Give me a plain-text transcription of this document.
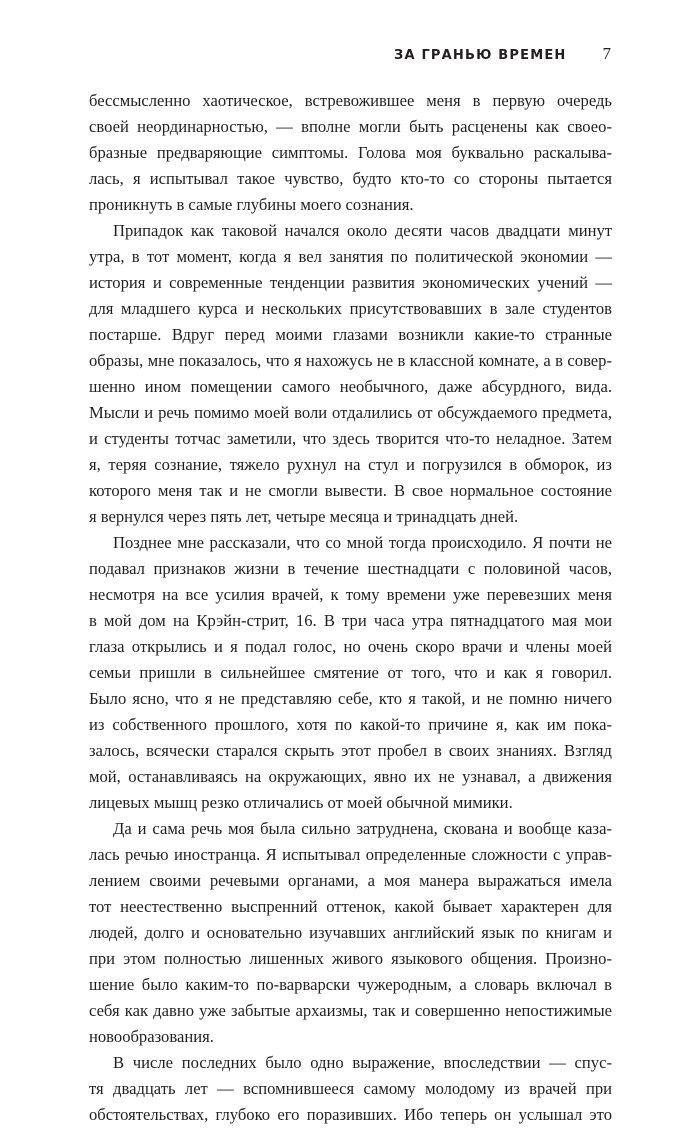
ЗА ГРАНЬЮ ВРЕМЕН 7

бессмысленно хаотическое, встревожившее меня в первую очередь

своей неординарностью, — вполне могли быть расценены как своео-

бразные предваряющие симптомы. Голова моя буквально раскалыва-

лась, я испытывал такое чувство, будто кто-то со стороны пытается

проникнуть в самые глубины моего сознания.

Припадок как таковой начался около десяти часов двадцати минут

утра, в тот момент, когда я вел занятия по политической экономии —

история и современные тенденции развития экономических учений —

для младшего курса и нескольких присутствовавших в зале студентов

постарше. Вдруг перед моими глазами возникли какие-то странные

образы, мне показалось, что я нахожусь не в классной комнате, а в совер-

шенно ином помещении самого необычного, даже абсурдного, вида.

Мысли и речь помимо моей воли отдалились от обсуждаемого предмета,

и студенты тотчас заметили, что здесь творится что-то неладное. Затем

я, теряя сознание, тяжело рухнул на стул и погрузился в обморок, из

которого меня так и не смогли вывести. В свое нормальное состояние

я вернулся через пять лет, четыре месяца и тринадцать дней.

Позднее мне рассказали, что со мной тогда происходило. Я почти не

подавал признаков жизни в течение шестнадцати с половиной часов,

несмотря на все усилия врачей, к тому времени уже перевезших меня

в мой дом на Крэйн-стрит, 16. В три часа утра пятнадцатого мая мои

глаза открылись и я подал голос, но очень скоро врачи и члены моей

семьи пришли в сильнейшее смятение от того, что и как я говорил.

Было ясно, что я не представляю себе, кто я такой, и не помню ничего

из собственного прошлого, хотя по какой-то причине я, как им пока-

залось, всячески старался скрыть этот пробел в своих знаниях. Взгляд

мой, останавливаясь на окружающих, явно их не узнавал, а движения

лицевых мышц резко отличались от моей обычной мимики.

Да и сама речь моя была сильно затруднена, скована и вообще каза-

лась речью иностранца. Я испытывал определенные сложности с управ-

лением своими речевыми органами, а моя манера выражаться имела

тот неестественно выспренний оттенок, какой бывает характерен для

людей, долго и основательно изучавших английский язык по книгам и

при этом полностью лишенных живого языкового общения. Произно-

шение было каким-то по-варварски чужеродным, а словарь включал в

себя как давно уже забытые архаизмы, так и совершенно непостижимые

новообразования.

В числе последних было одно выражение, впоследствии — спус-

тя двадцать лет — вспомнившееся самому молодому из врачей при

обстоятельствах, глубоко его поразивших. Ибо теперь он услышал это
